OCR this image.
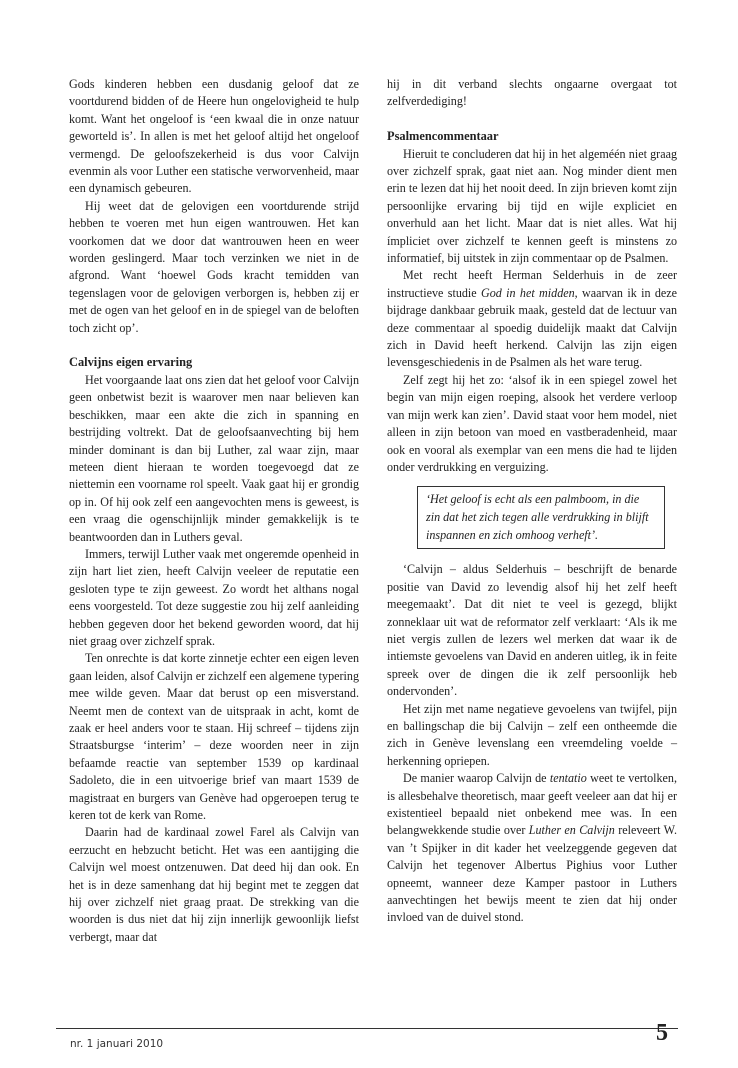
Gods kinderen hebben een dusdanig geloof dat ze voortdurend bidden of de Heere hun ongelovigheid te hulp komt. Want het ongeloof is ‘een kwaal die in onze natuur geworteld is’. In allen is met het geloof altijd het ongeloof vermengd. De geloofszekerheid is dus voor Calvijn evenmin als voor Luther een statische verworvenheid, maar een dynamisch gebeuren.

Hij weet dat de gelovigen een voortdurende strijd hebben te voeren met hun eigen wantrouwen. Het kan voorkomen dat we door dat wantrouwen heen en weer worden geslingerd. Maar toch verzinken we niet in de afgrond. Want ‘hoewel Gods kracht temidden van tegenslagen voor de gelovigen verborgen is, hebben zij er met de ogen van het geloof en in de spiegel van de beloften toch zicht op’.

Calvijns eigen ervaring

Het voorgaande laat ons zien dat het geloof voor Calvijn geen onbetwist bezit is waarover men naar believen kan beschikken, maar een akte die zich in spanning en bestrijding voltrekt. Dat de geloofsaanvechting bij hem minder dominant is dan bij Luther, zal waar zijn, maar meteen dient hieraan te worden toegevoegd dat ze niettemin een voorname rol speelt. Vaak gaat hij er grondig op in. Of hij ook zelf een aangevochten mens is geweest, is een vraag die ogenschijnlijk minder gemakkelijk is te beantwoorden dan in Luthers geval.

Immers, terwijl Luther vaak met ongeremde openheid in zijn hart liet zien, heeft Calvijn veeleer de reputatie een gesloten type te zijn geweest. Zo wordt het althans nogal eens voorgesteld. Tot deze suggestie zou hij zelf aanleiding hebben gegeven door het bekend geworden woord, dat hij niet graag over zichzelf sprak.

Ten onrechte is dat korte zinnetje echter een eigen leven gaan leiden, alsof Calvijn er zichzelf een algemene typering mee wilde geven. Maar dat berust op een misverstand. Neemt men de context van de uitspraak in acht, komt de zaak er heel anders voor te staan. Hij schreef – tijdens zijn Straatsburgse ‘interim’ – deze woorden neer in zijn befaamde reactie van september 1539 op kardinaal Sadoleto, die in een uitvoerige brief van maart 1539 de magistraat en burgers van Genève had opgeroepen terug te keren tot de kerk van Rome.

Daarin had de kardinaal zowel Farel als Calvijn van eerzucht en hebzucht beticht. Het was een aantijging die Calvijn wel moest ontzenuwen. Dat deed hij dan ook. En het is in deze samenhang dat hij begint met te zeggen dat hij over zichzelf niet graag praat. De strekking van die woorden is dus niet dat hij zijn innerlijk gewoonlijk liefst verbergt, maar dat

hij in dit verband slechts ongaarne overgaat tot zelfverdediging!

Psalmencommentaar

Hieruit te concluderen dat hij in het algeméén niet graag over zichzelf sprak, gaat niet aan. Nog minder dient men erin te lezen dat hij het nooit deed. In zijn brieven komt zijn persoonlijke ervaring bij tijd en wijle expliciet en onverhuld aan het licht. Maar dat is niet alles. Wat hij ímpliciet over zichzelf te kennen geeft is minstens zo informatief, bij uitstek in zijn commentaar op de Psalmen.

Met recht heeft Herman Selderhuis in de zeer instructieve studie God in het midden, waarvan ik in deze bijdrage dankbaar gebruik maak, gesteld dat de lectuur van deze commentaar al spoedig duidelijk maakt dat Calvijn zich in David heeft herkend. Calvijn las zijn eigen levensgeschiedenis in de Psalmen als het ware terug.

Zelf zegt hij het zo: ‘alsof ik in een spiegel zowel het begin van mijn eigen roeping, alsook het verdere verloop van mijn werk kan zien’. David staat voor hem model, niet alleen in zijn betoon van moed en vastberadenheid, maar ook en vooral als exemplar van een mens die had te lijden onder verdrukking en verguizing.

‘Het geloof is echt als een palmboom, in die zin dat het zich tegen alle verdrukking in blijft inspannen en zich omhoog verheft’.

‘Calvijn – aldus Selderhuis – beschrijft de benarde positie van David zo levendig alsof hij het zelf heeft meegemaakt’. Dat dit niet te veel is gezegd, blijkt zonneklaar uit wat de reformator zelf verklaart: ‘Als ik me niet vergis zullen de lezers wel merken dat waar ik de intiemste gevoelens van David en anderen uitleg, ik in feite spreek over de dingen die ik zelf persoonlijk heb ondervonden’.

Het zijn met name negatieve gevoelens van twijfel, pijn en ballingschap die bij Calvijn – zelf een ontheemde die zich in Genève levenslang een vreemdeling voelde – herkenning opriepen.

De manier waarop Calvijn de tentatio weet te vertolken, is allesbehalve theoretisch, maar geeft veeleer aan dat hij er existentieel bepaald niet onbekend mee was. In een belangwekkende studie over Luther en Calvijn releveert W. van ’t Spijker in dit kader het veelzeggende gegeven dat Calvijn het tegenover Albertus Pighius voor Luther opneemt, wanneer deze Kamper pastoor in Luthers aanvechtingen het bewijs meent te zien dat hij onder invloed van de duivel stond.

nr. 1 januari 2010	5
